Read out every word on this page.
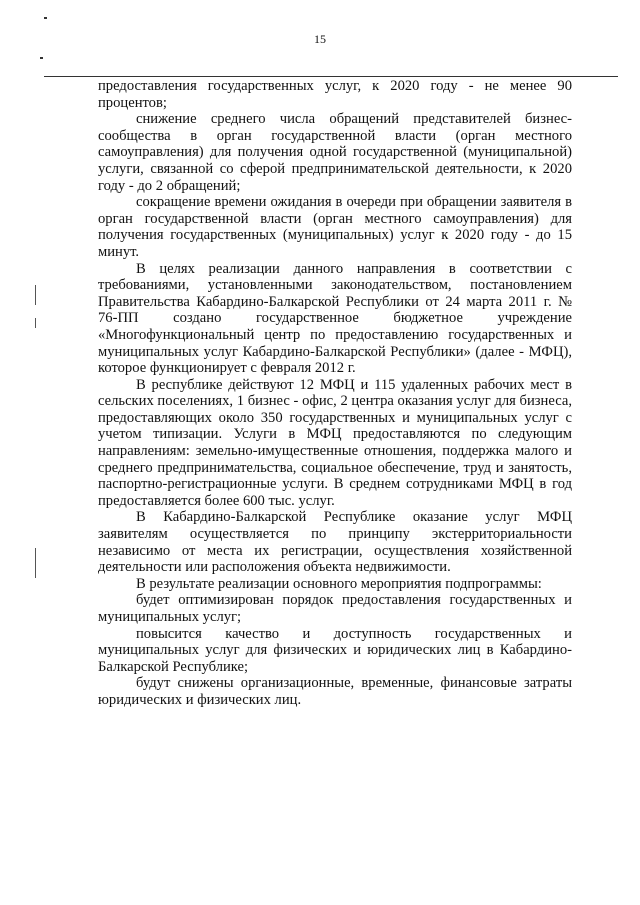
15

предоставления государственных услуг, к 2020 году - не менее 90 процентов;

снижение среднего числа обращений представителей бизнес-сообщества в орган государственной власти (орган местного самоуправления) для получения одной государственной (муниципальной) услуги, связанной со сферой предпринимательской деятельности, к 2020 году - до 2 обращений;

сокращение времени ожидания в очереди при обращении заявителя в орган государственной власти (орган местного самоуправления) для получения государственных (муниципальных) услуг к 2020 году - до 15 минут.

В целях реализации данного направления в соответствии с требованиями, установленными законодательством, постановлением Правительства Кабардино-Балкарской Республики от 24 марта 2011 г. № 76-ПП создано государственное бюджетное учреждение «Многофункциональный центр по предоставлению государственных и муниципальных услуг Кабардино-Балкарской Республики» (далее - МФЦ), которое функционирует с февраля 2012 г.

В республике действуют 12 МФЦ и 115 удаленных рабочих мест в сельских поселениях, 1 бизнес - офис, 2 центра оказания услуг для бизнеса, предоставляющих около 350 государственных и муниципальных услуг с учетом типизации. Услуги в МФЦ предоставляются по следующим направлениям: земельно-имущественные отношения, поддержка малого и среднего предпринимательства, социальное обеспечение, труд и занятость, паспортно-регистрационные услуги. В среднем сотрудниками МФЦ в год предоставляется более 600 тыс. услуг.

В Кабардино-Балкарской Республике оказание услуг МФЦ заявителям осуществляется по принципу экстерриториальности независимо от места их регистрации, осуществления хозяйственной деятельности или расположения объекта недвижимости.

В результате реализации основного мероприятия подпрограммы:

будет оптимизирован порядок предоставления государственных и муниципальных услуг;

повысится качество и доступность государственных и муниципальных услуг для физических и юридических лиц в Кабардино-Балкарской Республике;

будут снижены организационные, временные, финансовые затраты юридических и физических лиц.
